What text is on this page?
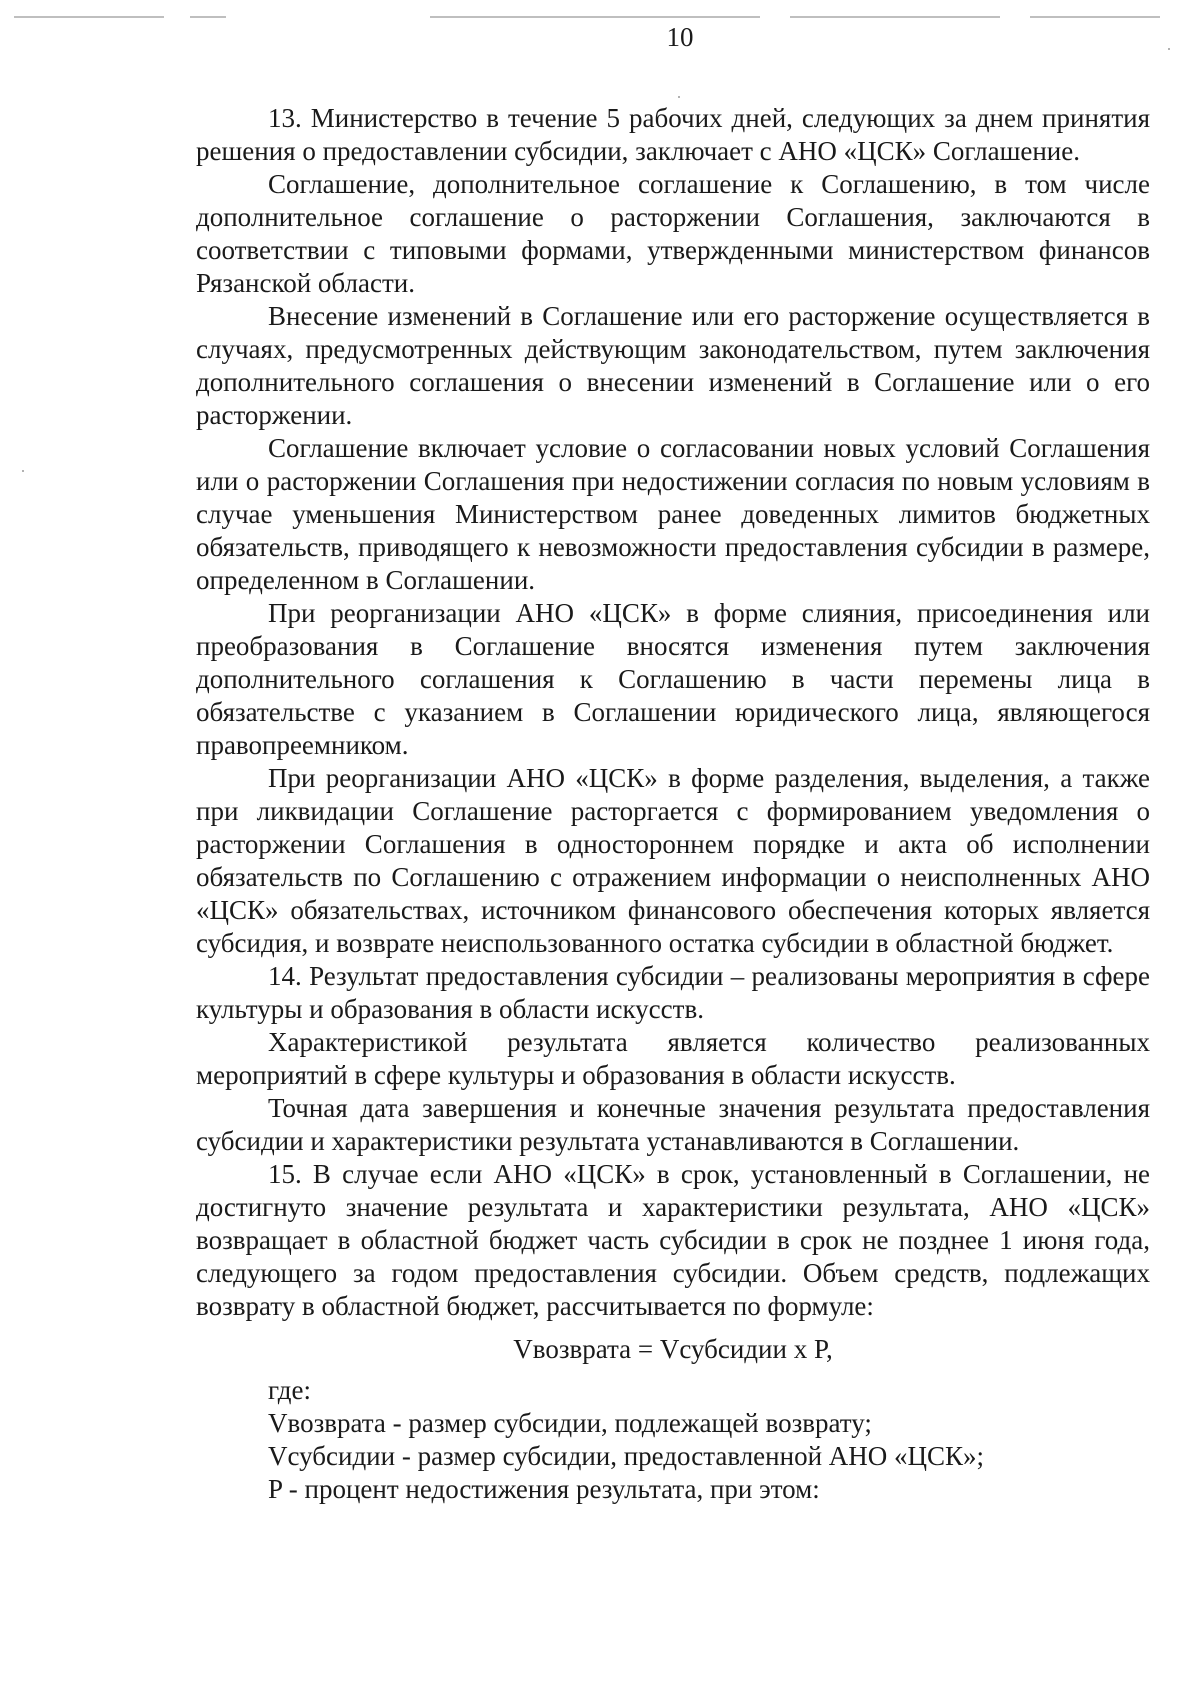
10

13. Министерство в течение 5 рабочих дней, следующих за днем принятия решения о предоставлении субсидии, заключает с АНО «ЦСК» Соглашение.

Соглашение, дополнительное соглашение к Соглашению, в том числе дополнительное соглашение о расторжении Соглашения, заключаются в соответствии с типовыми формами, утвержденными министерством финансов Рязанской области.

Внесение изменений в Соглашение или его расторжение осуществляется в случаях, предусмотренных действующим законодательством, путем заключения дополнительного соглашения о внесении изменений в Соглашение или о его расторжении.

Соглашение включает условие о согласовании новых условий Соглашения или о расторжении Соглашения при недостижении согласия по новым условиям в случае уменьшения Министерством ранее доведенных лимитов бюджетных обязательств, приводящего к невозможности предоставления субсидии в размере, определенном в Соглашении.

При реорганизации АНО «ЦСК» в форме слияния, присоединения или преобразования в Соглашение вносятся изменения путем заключения дополнительного соглашения к Соглашению в части перемены лица в обязательстве с указанием в Соглашении юридического лица, являющегося правопреемником.

При реорганизации АНО «ЦСК» в форме разделения, выделения, а также при ликвидации Соглашение расторгается с формированием уведомления о расторжении Соглашения в одностороннем порядке и акта об исполнении обязательств по Соглашению с отражением информации о неисполненных АНО «ЦСК» обязательствах, источником финансового обеспечения которых является субсидия, и возврате неиспользованного остатка субсидии в областной бюджет.

14. Результат предоставления субсидии – реализованы мероприятия в сфере культуры и образования в области искусств.

Характеристикой результата является количество реализованных мероприятий в сфере культуры и образования в области искусств.

Точная дата завершения и конечные значения результата предоставления субсидии и характеристики результата устанавливаются в Соглашении.

15. В случае если АНО «ЦСК» в срок, установленный в Соглашении, не достигнуто значение результата и характеристики результата, АНО «ЦСК» возвращает в областной бюджет часть субсидии в срок не позднее 1 июня года, следующего за годом предоставления субсидии. Объем средств, подлежащих возврату в областной бюджет, рассчитывается по формуле:

Vвозврата = Vсубсидии x P,

где:

Vвозврата - размер субсидии, подлежащей возврату;

Vсубсидии - размер субсидии, предоставленной АНО «ЦСК»;

P - процент недостижения результата, при этом:
